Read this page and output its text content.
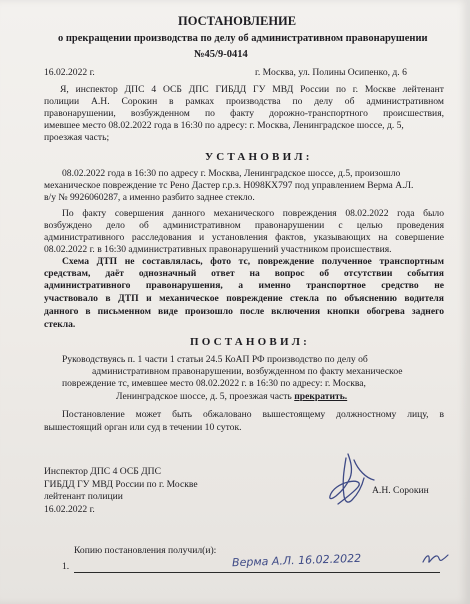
ПОСТАНОВЛЕНИЕ
о прекращении производства по делу об административном правонарушении
№45/9-0414
16.02.2022 г.	г. Москва, ул. Полины Осипенко, д. 6
Я, инспектор ДПС 4 ОСБ ДПС ГИБДД ГУ МВД России по г. Москве лейтенант
полиции А.Н. Сорокин в рамках производства по делу об административном
правонарушении, возбужденном по факту дорожно-транспортного происшествия,
имевшее место 08.02.2022 года в 16:30 по адресу: г. Москва, Ленинградское шоссе, д. 5,
проезжая часть;
УСТАНОВИЛ:
08.02.2022 года в 16:30 по адресу г. Москва, Ленинградское шоссе, д.5, произошло
механическое повреждение тс Рено Дастер г.р.з. Н098КХ797 под управлением Верма А.Л.
в/у № 9926060287, а именно разбито заднее стекло.
По факту совершения данного механического повреждения 08.02.2022 года было
возбуждено дело об административном правонарушении с целью проведения
административного расследования и установления фактов, указывающих на совершение
08.02.2022 г. в 16:30 административных правонарушений участником происшествия.
Схема ДТП не составлялась, фото тс, повреждение полученное транспортным
средствам, даёт однозначный ответ на вопрос об отсутствии события
административного правонарушения, а именно транспортное средство не
участвовало в ДТП и механическое повреждение стекла по объяснению водителя
данного в письменном виде произошло после включения кнопки обогрева заднего
стекла.
ПОСТАНОВИЛ:
Руководствуясь п. 1 части 1 статьи 24.5 КоАП РФ производство по делу об
административном правонарушении, возбужденном по факту механическое
повреждение тс, имевшее место 08.02.2022 г. в 16:30 по адресу: г. Москва,
Ленинградское шоссе, д. 5, проезжая часть прекратить.
Постановление может быть обжаловано вышестоящему должностному лицу, в
вышестоящий орган или суд в течении 10 суток.
Инспектор ДПС 4 ОСБ ДПС
ГИБДД ГУ МВД России по г. Москве
лейтенант полиции
16.02.2022 г.
А.Н. Сорокин
Копию постановления получил(и):
1.	Верма А.Л. 16.02.2022
